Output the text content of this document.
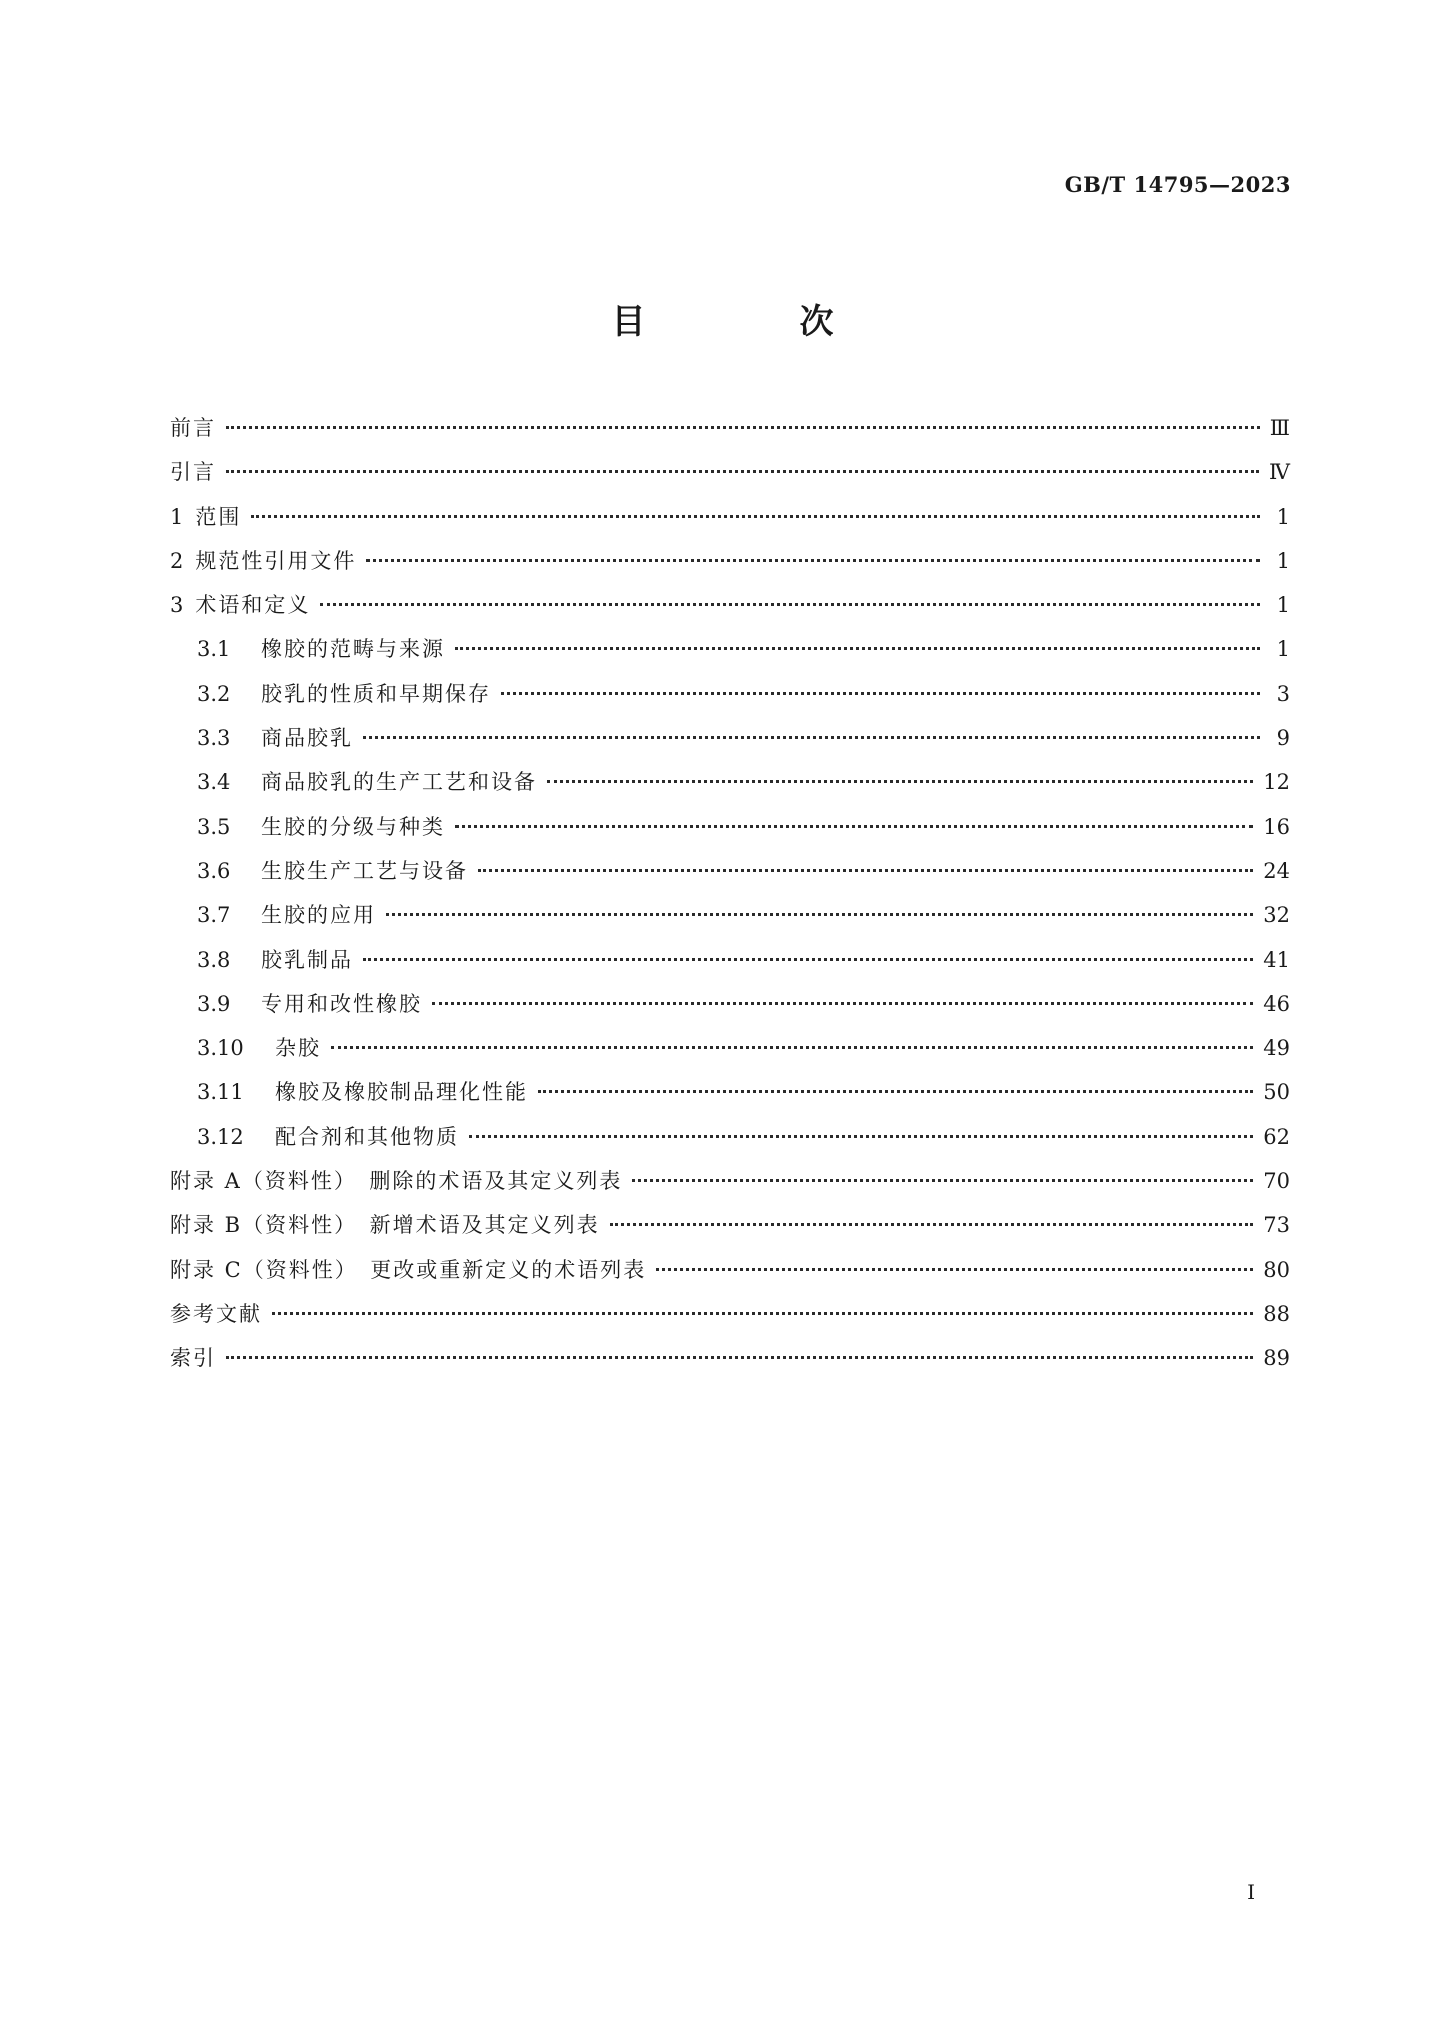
GB/T 14795—2023
目　次
前言	Ⅲ
引言	Ⅳ
1 范围	1
2 规范性引用文件	1
3 术语和定义	1
3.1	橡胶的范畴与来源	1
3.2	胶乳的性质和早期保存	3
3.3	商品胶乳	9
3.4	商品胶乳的生产工艺和设备	12
3.5	生胶的分级与种类	16
3.6	生胶生产工艺与设备	24
3.7	生胶的应用	32
3.8	胶乳制品	41
3.9	专用和改性橡胶	46
3.10	杂胶	49
3.11	橡胶及橡胶制品理化性能	50
3.12	配合剂和其他物质	62
附录 A（资料性）　删除的术语及其定义列表	70
附录 B（资料性）　新增术语及其定义列表	73
附录 C（资料性）　更改或重新定义的术语列表	80
参考文献	88
索引	89
Ⅰ
